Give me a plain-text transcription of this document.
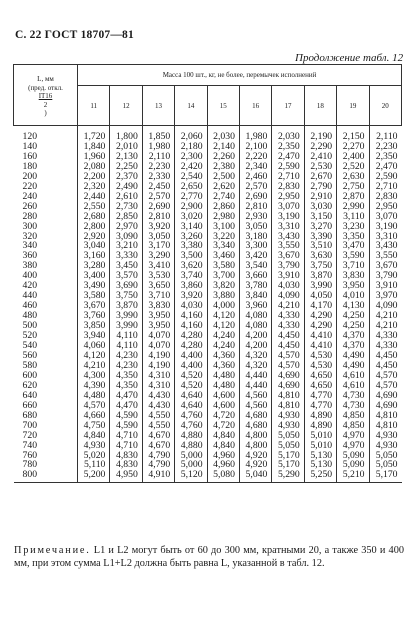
С. 22 ГОСТ 18707—81
Продолжение табл. 12
L, мм
(пред. откл.
IT16
2
)	Масса 100 шт., кг, не более, перемычек исполнений									
	11	12	13	14	15	16	17	18	19	20
120	1,720	1,800	1,850	2,060	2,030	1,980	2,030	2,190	2,150	2,110
140	1,840	2,010	1,980	2,180	2,140	2,100	2,350	2,290	2,270	2,230
160	1,960	2,130	2,110	2,300	2,260	2,220	2,470	2,410	2,400	2,350
180	2,080	2,250	2,230	2,420	2,380	2,340	2,590	2,530	2,520	2,470
200	2,200	2,370	2,330	2,540	2,500	2,460	2,710	2,670	2,630	2,590
220	2,320	2,490	2,450	2,650	2,620	2,570	2,830	2,790	2,750	2,710
240	2,440	2,610	2,570	2,770	2,740	2,690	2,950	2,910	2,870	2,830
260	2,550	2,730	2,690	2,900	2,860	2,810	3,070	3,030	2,990	2,950
280	2,680	2,850	2,810	3,020	2,980	2,930	3,190	3,150	3,110	3,070
300	2,800	2,970	3,920	3,140	3,100	3,050	3,310	3,270	3,230	3,190
320	2,920	3,090	3,050	3,260	3,220	3,180	3,430	3,390	3,350	3,310
340	3,040	3,210	3,170	3,380	3,340	3,300	3,550	3,510	3,470	3,430
360	3,160	3,330	3,290	3,500	3,460	3,420	3,670	3,630	3,590	3,550
380	3,280	3,450	3,410	3,620	3,580	3,540	3,790	3,750	3,710	3,670
400	3,400	3,570	3,530	3,740	3,700	3,660	3,910	3,870	3,830	3,790
420	3,490	3,690	3,650	3,860	3,820	3,780	4,030	3,990	3,950	3,910
440	3,580	3,750	3,710	3,920	3,880	3,840	4,090	4,050	4,010	3,970
460	3,670	3,870	3,830	4,030	4,000	3,960	4,210	4,170	4,130	4,090
480	3,760	3,990	3,950	4,160	4,120	4,080	4,330	4,290	4,250	4,210
500	3,850	3,990	3,950	4,160	4,120	4,080	4,330	4,290	4,250	4,210
520	3,940	4,110	4,070	4,280	4,240	4,200	4,450	4,410	4,370	4,330
540	4,060	4,110	4,070	4,280	4,240	4,200	4,450	4,410	4,370	4,330
560	4,120	4,230	4,190	4,400	4,360	4,320	4,570	4,530	4,490	4,450
580	4,210	4,230	4,190	4,400	4,360	4,320	4,570	4,530	4,490	4,450
600	4,300	4,350	4,310	4,520	4,480	4,440	4,690	4,650	4,610	4,570
620	4,390	4,350	4,310	4,520	4,480	4,440	4,690	4,650	4,610	4,570
640	4,480	4,470	4,430	4,640	4,600	4,560	4,810	4,770	4,730	4,690
660	4,570	4,470	4,430	4,640	4,600	4,560	4,810	4,770	4,730	4,690
680	4,660	4,590	4,550	4,760	4,720	4,680	4,930	4,890	4,850	4,810
700	4,750	4,590	4,550	4,760	4,720	4,680	4,930	4,890	4,850	4,810
720	4,840	4,710	4,670	4,880	4,840	4,800	5,050	5,010	4,970	4,930
740	4,930	4,710	4,670	4,880	4,840	4,800	5,050	5,010	4,970	4,930
760	5,020	4,830	4,790	5,000	4,960	4,920	5,170	5,130	5,090	5,050
780	5,110	4,830	4,790	5,000	4,960	4,920	5,170	5,130	5,090	5,050
800	5,200	4,950	4,910	5,120	5,080	5,040	5,290	5,250	5,210	5,170
Примечание. L1 и L2 могут быть от 60 до 300 мм, кратными 20, а также 350 и 400 мм, при этом сумма L1+L2 должна быть равна L, указанной в табл. 12.
